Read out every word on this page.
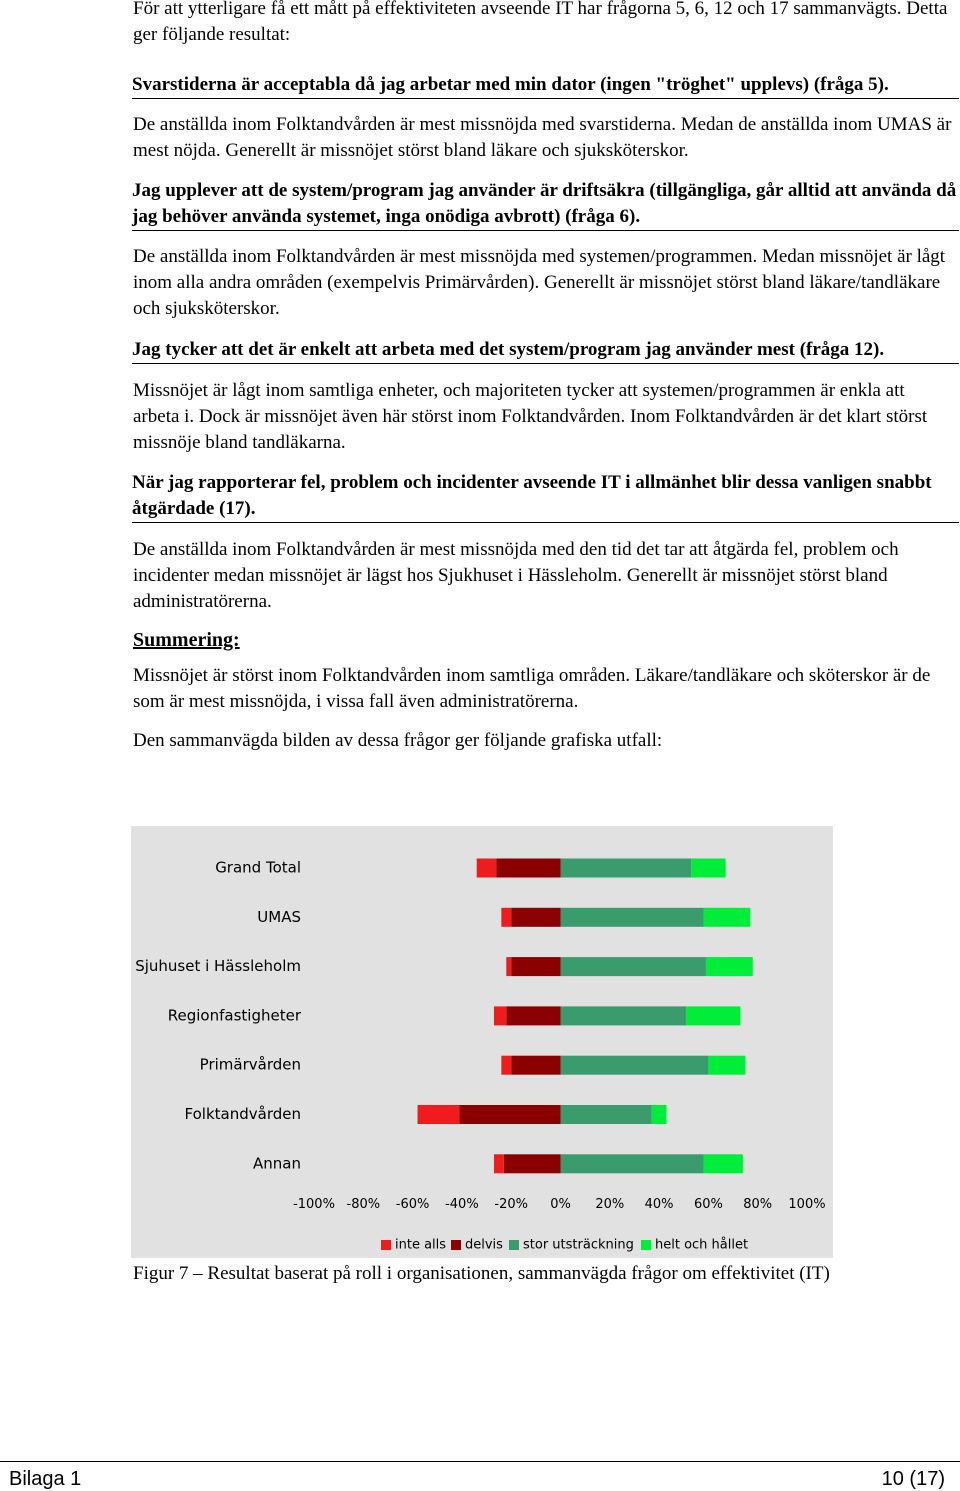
För att ytterligare få ett mått på effektiviteten avseende IT har frågorna 5, 6, 12 och 17 sammanvägts. Detta ger följande resultat:

Svarstiderna är acceptabla då jag arbetar med min dator (ingen "tröghet" upplevs) (fråga 5).

De anställda inom Folktandvården är mest missnöjda med svarstiderna. Medan de anställda inom UMAS är mest nöjda. Generellt är missnöjet störst bland läkare och sjuksköterskor.

Jag upplever att de system/program jag använder är driftsäkra (tillgängliga, går alltid att använda då jag behöver använda systemet, inga onödiga avbrott) (fråga 6).

De anställda inom Folktandvården är mest missnöjda med systemen/programmen. Medan missnöjet är lågt inom alla andra områden (exempelvis Primärvården). Generellt är missnöjet störst bland läkare/tandläkare och sjuksköterskor.

Jag tycker att det är enkelt att arbeta med det system/program jag använder mest (fråga 12).

Missnöjet är lågt inom samtliga enheter, och majoriteten tycker att systemen/programmen är enkla att arbeta i. Dock är missnöjet även här störst inom Folktandvården. Inom Folktandvården är det klart störst missnöje bland tandläkarna.

När jag rapporterar fel, problem och incidenter avseende IT i allmänhet blir dessa vanligen snabbt åtgärdade (17).

De anställda inom Folktandvården är mest missnöjda med den tid det tar att åtgärda fel, problem och incidenter medan missnöjet är lägst hos Sjukhuset i Hässleholm. Generellt är missnöjet störst bland administratörerna.

Summering:

Missnöjet är störst inom Folktandvården inom samtliga områden. Läkare/tandläkare och sköterskor är de som är mest missnöjda, i vissa fall även administratörerna.

Den sammanvägda bilden av dessa frågor ger följande grafiska utfall:

Grand Total
UMAS
Sjuhuset i Hässleholm
Regionfastigheter
Primärvården
Folktandvården
Annan
-100% -80% -60% -40% -20% 0% 20% 40% 60% 80% 100%
inte alls delvis stor utsträckning helt och hållet

Figur 7 – Resultat baserat på roll i organisationen, sammanvägda frågor om effektivitet (IT)

Bilaga 1	10 (17)
